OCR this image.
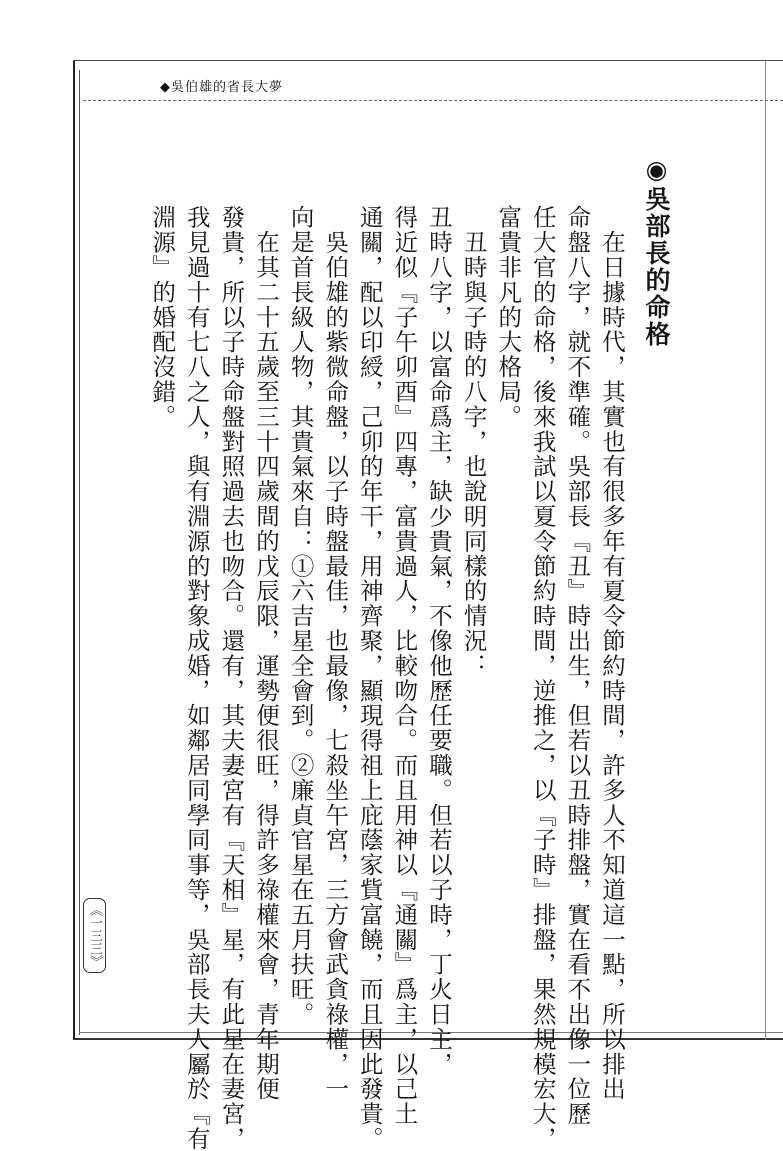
◆吳伯雄的省長大夢
◉吳部長的命格
　在日據時代，其實也有很多年有夏令節約時間，許多人不知道這一點，所以排出
命盤八字，就不準確。吳部長『丑』時出生，但若以丑時排盤，實在看不出像一位歷
任大官的命格，後來我試以夏令節約時間，逆推之，以『子時』排盤，果然規模宏大，
富貴非凡的大格局。
　丑時與子時的八字，也說明同樣的情況：
丑時八字，以富命爲主，缺少貴氣，不像他歷任要職。但若以子時，丁火日主，
得近似『子午卯酉』四專，富貴過人，比較吻合。而且用神以『通關』爲主，以己土
通關，配以印綬，己卯的年干，用神齊聚，顯現得祖上庇蔭家貲富饒，而且因此發貴。
　吳伯雄的紫微命盤，以子時盤最佳，也最像，七殺坐午宮，三方會武貪祿權，一
向是首長級人物，其貴氣來自：①六吉星全會到。②廉貞官星在五月扶旺。
　在其二十五歲至三十四歲間的戊辰限，運勢便很旺，得許多祿權來會，青年期便
發貴，所以子時命盤對照過去也吻合。還有，其夫妻宮有『天相』星，有此星在妻宮，
我見過十有七八之人，與有淵源的對象成婚，如鄰居同學同事等，吳部長夫人屬於『有
淵源』的婚配沒錯。
《一三三》
